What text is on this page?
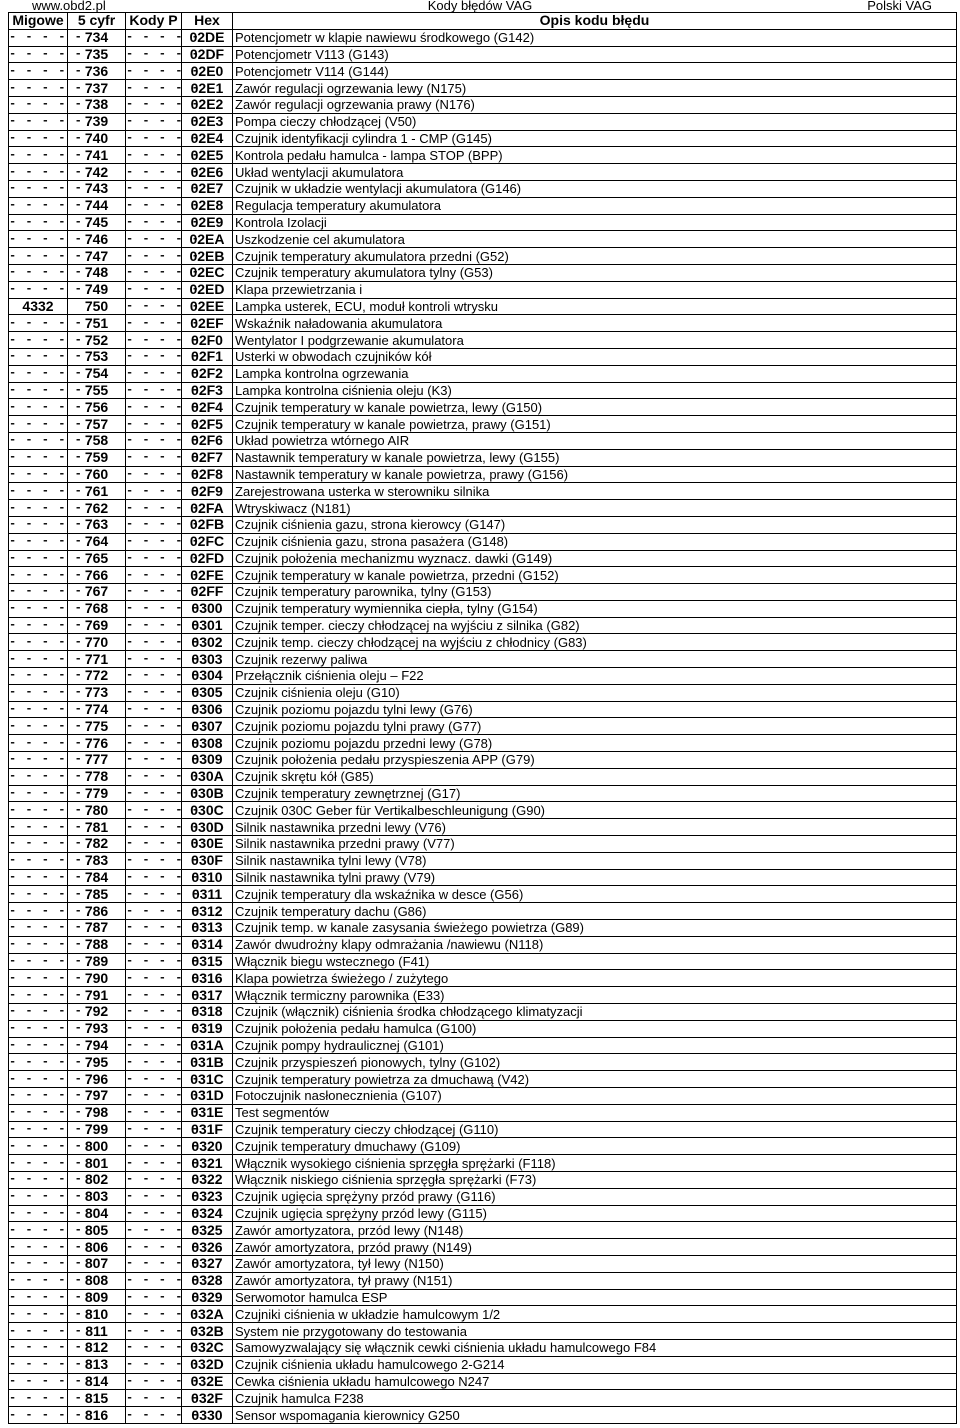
www.obd2.pl	Kody błędów VAG	Polski VAG
Migowe	5 cyfr	Kody P	Hex	Opis kodu błędu
- - - - -	734	- - - - -	02DE	Potencjometr w klapie nawiewu środkowego (G142)
- - - - -	735	- - - - -	02DF	Potencjometr V113 (G143)
- - - - -	736	- - - - -	02E0	Potencjometr V114 (G144)
- - - - -	737	- - - - -	02E1	Zawór regulacji ogrzewania lewy (N175)
- - - - -	738	- - - - -	02E2	Zawór regulacji ogrzewania prawy (N176)
- - - - -	739	- - - - -	02E3	Pompa cieczy chłodzącej (V50)
- - - - -	740	- - - - -	02E4	Czujnik identyfikacji cylindra 1 - CMP (G145)
- - - - -	741	- - - - -	02E5	Kontrola pedału hamulca - lampa STOP (BPP)
- - - - -	742	- - - - -	02E6	Układ wentylacji akumulatora
- - - - -	743	- - - - -	02E7	Czujnik w układzie wentylacji akumulatora (G146)
- - - - -	744	- - - - -	02E8	Regulacja temperatury akumulatora
- - - - -	745	- - - - -	02E9	Kontrola Izolacji
- - - - -	746	- - - - -	02EA	Uszkodzenie cel akumulatora
- - - - -	747	- - - - -	02EB	Czujnik temperatury akumulatora przedni (G52)
- - - - -	748	- - - - -	02EC	Czujnik temperatury akumulatora tylny (G53)
- - - - -	749	- - - - -	02ED	Klapa przewietrzania i
4332	750	- - - - -	02EE	Lampka usterek, ECU, moduł kontroli wtrysku
- - - - -	751	- - - - -	02EF	Wskaźnik naładowania akumulatora
- - - - -	752	- - - - -	02F0	Wentylator I podgrzewanie akumulatora
- - - - -	753	- - - - -	02F1	Usterki w obwodach czujników kół
- - - - -	754	- - - - -	02F2	Lampka kontrolna ogrzewania
- - - - -	755	- - - - -	02F3	Lampka kontrolna ciśnienia oleju (K3)
- - - - -	756	- - - - -	02F4	Czujnik temperatury w kanale powietrza, lewy (G150)
- - - - -	757	- - - - -	02F5	Czujnik temperatury w kanale powietrza, prawy (G151)
- - - - -	758	- - - - -	02F6	Układ powietrza wtórnego AIR
- - - - -	759	- - - - -	02F7	Nastawnik temperatury w kanale powietrza, lewy (G155)
- - - - -	760	- - - - -	02F8	Nastawnik temperatury w kanale powietrza, prawy (G156)
- - - - -	761	- - - - -	02F9	Zarejestrowana usterka w sterowniku silnika
- - - - -	762	- - - - -	02FA	Wtryskiwacz (N181)
- - - - -	763	- - - - -	02FB	Czujnik ciśnienia gazu, strona kierowcy (G147)
- - - - -	764	- - - - -	02FC	Czujnik ciśnienia gazu, strona pasażera (G148)
- - - - -	765	- - - - -	02FD	Czujnik położenia mechanizmu wyznacz. dawki (G149)
- - - - -	766	- - - - -	02FE	Czujnik temperatury w kanale powietrza, przedni (G152)
- - - - -	767	- - - - -	02FF	Czujnik temperatury parownika, tylny (G153)
- - - - -	768	- - - - -	0300	Czujnik temperatury wymiennika ciepła, tylny (G154)
- - - - -	769	- - - - -	0301	Czujnik temper. cieczy chłodzącej na wyjściu z silnika (G82)
- - - - -	770	- - - - -	0302	Czujnik temp. cieczy chłodzącej na wyjściu z chłodnicy (G83)
- - - - -	771	- - - - -	0303	Czujnik rezerwy paliwa
- - - - -	772	- - - - -	0304	Przełącznik ciśnienia oleju – F22
- - - - -	773	- - - - -	0305	Czujnik ciśnienia oleju (G10)
- - - - -	774	- - - - -	0306	Czujnik poziomu pojazdu tylni lewy (G76)
- - - - -	775	- - - - -	0307	Czujnik poziomu pojazdu tylni prawy (G77)
- - - - -	776	- - - - -	0308	Czujnik poziomu pojazdu przedni lewy (G78)
- - - - -	777	- - - - -	0309	Czujnik położenia pedału przyspieszenia APP (G79)
- - - - -	778	- - - - -	030A	Czujnik skrętu kół (G85)
- - - - -	779	- - - - -	030B	Czujnik temperatury zewnętrznej (G17)
- - - - -	780	- - - - -	030C	Czujnik 030C Geber für Vertikalbeschleunigung (G90)
- - - - -	781	- - - - -	030D	Silnik nastawnika przedni lewy (V76)
- - - - -	782	- - - - -	030E	Silnik nastawnika przedni prawy (V77)
- - - - -	783	- - - - -	030F	Silnik nastawnika tylni lewy (V78)
- - - - -	784	- - - - -	0310	Silnik nastawnika tylni prawy (V79)
- - - - -	785	- - - - -	0311	Czujnik temperatury dla wskaźnika w desce (G56)
- - - - -	786	- - - - -	0312	Czujnik temperatury dachu (G86)
- - - - -	787	- - - - -	0313	Czujnik temp. w kanale zasysania świeżego powietrza (G89)
- - - - -	788	- - - - -	0314	Zawór dwudrożny klapy odmrażania /nawiewu (N118)
- - - - -	789	- - - - -	0315	Włącznik biegu wstecznego (F41)
- - - - -	790	- - - - -	0316	Klapa powietrza świeżego / zużytego
- - - - -	791	- - - - -	0317	Włącznik termiczny parownika (E33)
- - - - -	792	- - - - -	0318	Czujnik (włącznik) ciśnienia środka chłodzącego klimatyzacji
- - - - -	793	- - - - -	0319	Czujnik położenia pedału hamulca (G100)
- - - - -	794	- - - - -	031A	Czujnik pompy hydraulicznej (G101)
- - - - -	795	- - - - -	031B	Czujnik przyspieszeń pionowych, tylny (G102)
- - - - -	796	- - - - -	031C	Czujnik temperatury powietrza za dmuchawą (V42)
- - - - -	797	- - - - -	031D	Fotoczujnik nasłonecznienia (G107)
- - - - -	798	- - - - -	031E	Test segmentów
- - - - -	799	- - - - -	031F	Czujnik temperatury cieczy chłodzącej (G110)
- - - - -	800	- - - - -	0320	Czujnik temperatury dmuchawy (G109)
- - - - -	801	- - - - -	0321	Włącznik wysokiego ciśnienia sprzęgła sprężarki (F118)
- - - - -	802	- - - - -	0322	Włącznik niskiego ciśnienia sprzęgła sprężarki (F73)
- - - - -	803	- - - - -	0323	Czujnik ugięcia sprężyny przód prawy (G116)
- - - - -	804	- - - - -	0324	Czujnik ugięcia sprężyny przód lewy (G115)
- - - - -	805	- - - - -	0325	Zawór amortyzatora, przód lewy (N148)
- - - - -	806	- - - - -	0326	Zawór amortyzatora, przód prawy (N149)
- - - - -	807	- - - - -	0327	Zawór amortyzatora, tył lewy (N150)
- - - - -	808	- - - - -	0328	Zawór amortyzatora, tył prawy (N151)
- - - - -	809	- - - - -	0329	Serwomotor hamulca ESP
- - - - -	810	- - - - -	032A	Czujniki ciśnienia w układzie hamulcowym 1/2
- - - - -	811	- - - - -	032B	System nie przygotowany do testowania
- - - - -	812	- - - - -	032C	Samowyzwalający się włącznik cewki ciśnienia układu hamulcowego F84
- - - - -	813	- - - - -	032D	Czujnik ciśnienia układu hamulcowego 2-G214
- - - - -	814	- - - - -	032E	Cewka ciśnienia układu hamulcowego N247
- - - - -	815	- - - - -	032F	Czujnik hamulca F238
- - - - -	816	- - - - -	0330	Sensor wspomagania kierownicy G250
